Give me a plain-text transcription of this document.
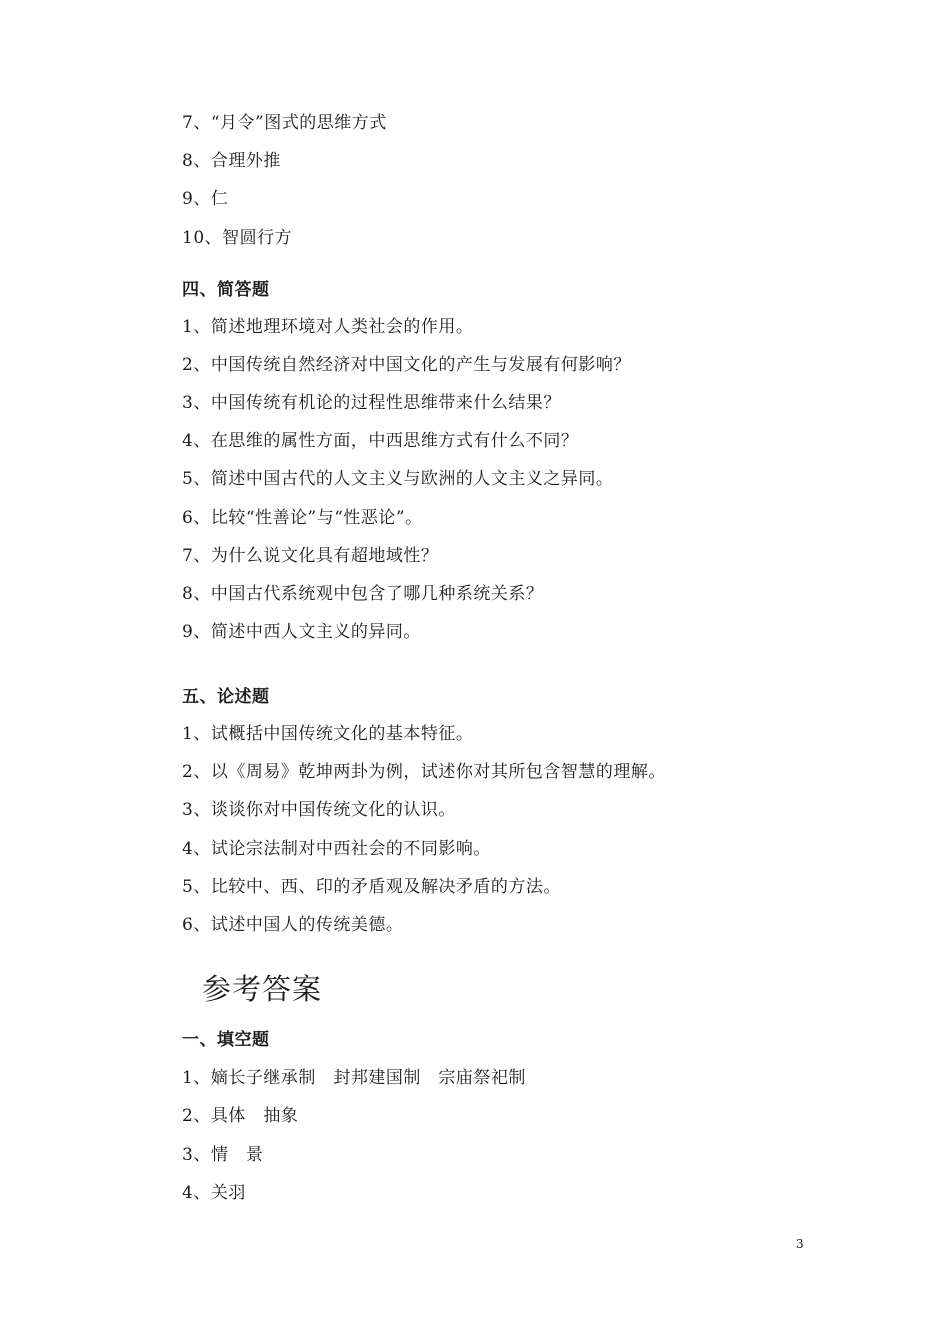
7、“月令”图式的思维方式
8、合理外推
9、仁
10、智圆行方
四、简答题
1、简述地理环境对人类社会的作用。
2、中国传统自然经济对中国文化的产生与发展有何影响？
3、中国传统有机论的过程性思维带来什么结果？
4、在思维的属性方面，中西思维方式有什么不同？
5、简述中国古代的人文主义与欧洲的人文主义之异同。
6、比较“性善论”与“性恶论”。
7、为什么说文化具有超地域性？
8、中国古代系统观中包含了哪几种系统关系？
9、简述中西人文主义的异同。
五、论述题
1、试概括中国传统文化的基本特征。
2、以《周易》乾坤两卦为例，试述你对其所包含智慧的理解。
3、谈谈你对中国传统文化的认识。
4、试论宗法制对中西社会的不同影响。
5、比较中、西、印的矛盾观及解决矛盾的方法。
6、试述中国人的传统美德。
参考答案
一、填空题
1、嫡长子继承制　封邦建国制　宗庙祭祀制
2、具体　抽象
3、情　景
4、关羽
3
